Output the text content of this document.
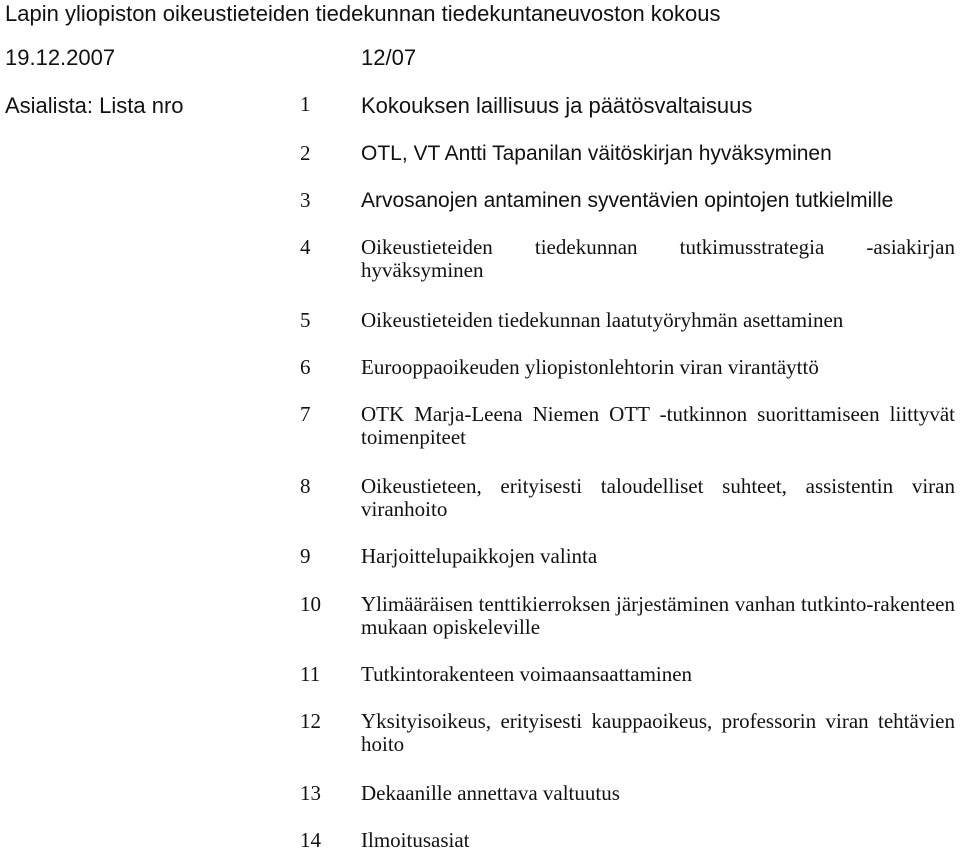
Lapin yliopiston oikeustieteiden tiedekunnan tiedekuntaneuvoston kokous
19.12.2007	12/07
Asialista: Lista nro	1	Kokouksen laillisuus ja päätösvaltaisuus
2	OTL, VT Antti Tapanilan väitöskirjan hyväksyminen
3	Arvosanojen antaminen syventävien opintojen tutkielmille
4	Oikeustieteiden tiedekunnan tutkimusstrategia -asiakirjan hyväksyminen
5	Oikeustieteiden tiedekunnan laatutyöryhmän asettaminen
6	Eurooppaoikeuden yliopistonlehtorin viran virantäyttö
7	OTK Marja-Leena Niemen OTT -tutkinnon suorittamiseen liittyvät toimenpiteet
8	Oikeustieteen, erityisesti taloudelliset suhteet, assistentin viran viranhoito
9	Harjoittelupaikkojen valinta
10	Ylimääräisen tenttikierroksen järjestäminen vanhan tutkinto-rakenteen mukaan opiskeleville
11	Tutkintorakenteen voimaansaattaminen
12	Yksityisoikeus, erityisesti kauppaoikeus, professorin viran tehtävien hoito
13	Dekaanille annettava valtuutus
14	Ilmoitusasiat
